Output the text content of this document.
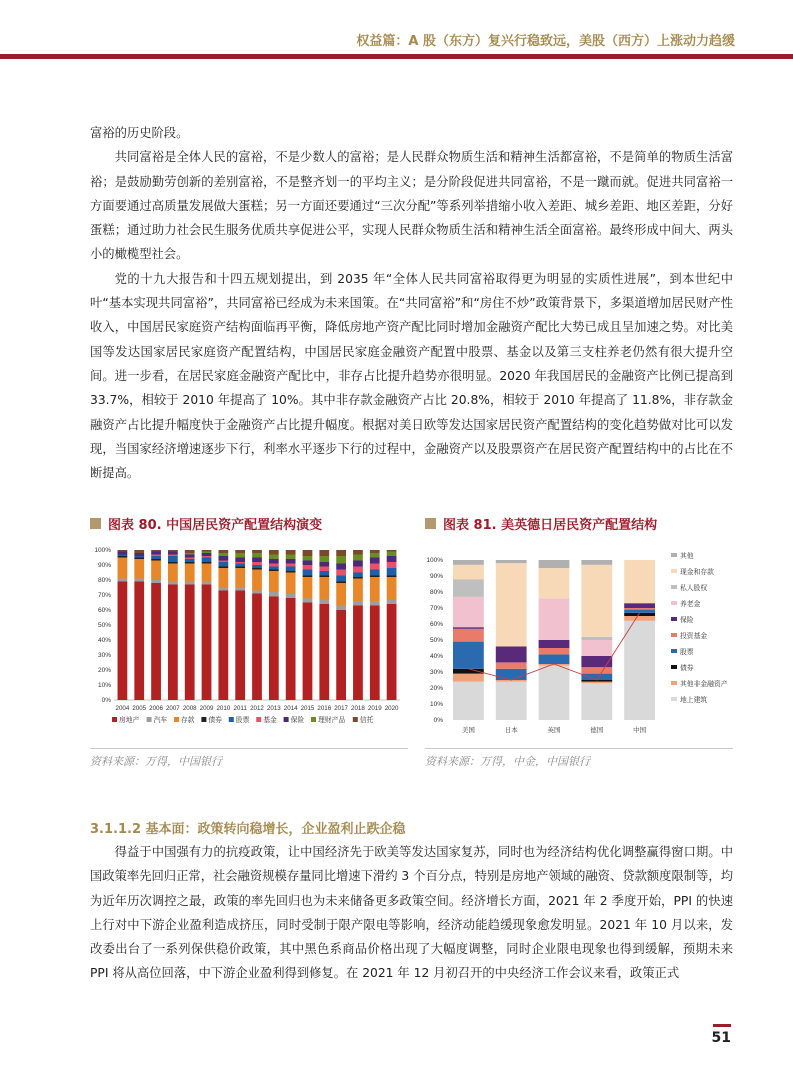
权益篇：A 股（东方）复兴行稳致远，美股（西方）上涨动力趋缓

富裕的历史阶段。

共同富裕是全体人民的富裕，不是少数人的富裕；是人民群众物质生活和精神生活都富裕，不是简单的物质生活富裕；是鼓励勤劳创新的差别富裕，不是整齐划一的平均主义；是分阶段促进共同富裕，不是一蹴而就。促进共同富裕一方面要通过高质量发展做大蛋糕；另一方面还要通过“三次分配”等系列举措缩小收入差距、城乡差距、地区差距，分好蛋糕；通过助力社会民生服务优质共享促进公平，实现人民群众物质生活和精神生活全面富裕。最终形成中间大、两头小的橄榄型社会。

党的十九大报告和十四五规划提出，到 2035 年“全体人民共同富裕取得更为明显的实质性进展”，到本世纪中叶“基本实现共同富裕”，共同富裕已经成为未来国策。在“共同富裕”和“房住不炒”政策背景下，多渠道增加居民财产性收入，中国居民家庭资产结构面临再平衡，降低房地产资产配比同时增加金融资产配比大势已成且呈加速之势。对比美国等发达国家居民家庭资产配置结构，中国居民家庭金融资产配置中股票、基金以及第三支柱养老仍然有很大提升空间。进一步看，在居民家庭金融资产配比中，非存占比提升趋势亦很明显。2020 年我国居民的金融资产比例已提高到 33.7%，相较于 2010 年提高了 10%。其中非存款金融资产占比 20.8%，相较于 2010 年提高了 11.8%，非存款金融资产占比提升幅度快于金融资产占比提升幅度。根据对美日欧等发达国家居民资产配置结构的变化趋势做对比可以发现，当国家经济增速逐步下行，利率水平逐步下行的过程中，金融资产以及股票资产在居民资产配置结构中的占比在不断提高。

图表 80. 中国居民资产配置结构演变
0%
10%
20%
30%
40%
50%
60%
70%
80%
90%
100%
2004 2005 2006 2007 2008 2009 2010 2011 2012 2013 2014 2015 2016 2017 2018 2019 2020
房地产 汽车 存款 债券 股票 基金 保险 理财产品 信托
资料来源：万得，中国银行
图表 81. 美英德日居民资产配置结构
0%
10%
20%
30%
40%
50%
60%
70%
80%
90%
100%
美国	日本	英国	德国	中国
其他
现金和存款
私人股权
养老金
保险
投资基金
股票
债券
其他非金融资产
地上建筑
资料来源：万得，中金，中国银行
3.1.1.2 基本面：政策转向稳增长，企业盈利止跌企稳

得益于中国强有力的抗疫政策，让中国经济先于欧美等发达国家复苏，同时也为经济结构优化调整赢得窗口期。中国政策率先回归正常，社会融资规模存量同比增速下滑约 3 个百分点，特别是房地产领域的融资、贷款额度限制等，均为近年历次调控之最，政策的率先回归也为未来储备更多政策空间。经济增长方面，2021 年 2 季度开始，PPI 的快速上行对中下游企业盈利造成挤压，同时受制于限产限电等影响，经济动能趋缓现象愈发明显。2021 年 10 月以来，发改委出台了一系列保供稳价政策，其中黑色系商品价格出现了大幅度调整，同时企业限电现象也得到缓解，预期未来 PPI 将从高位回落，中下游企业盈利得到修复。在 2021 年 12 月初召开的中央经济工作会议来看，政策正式

51
